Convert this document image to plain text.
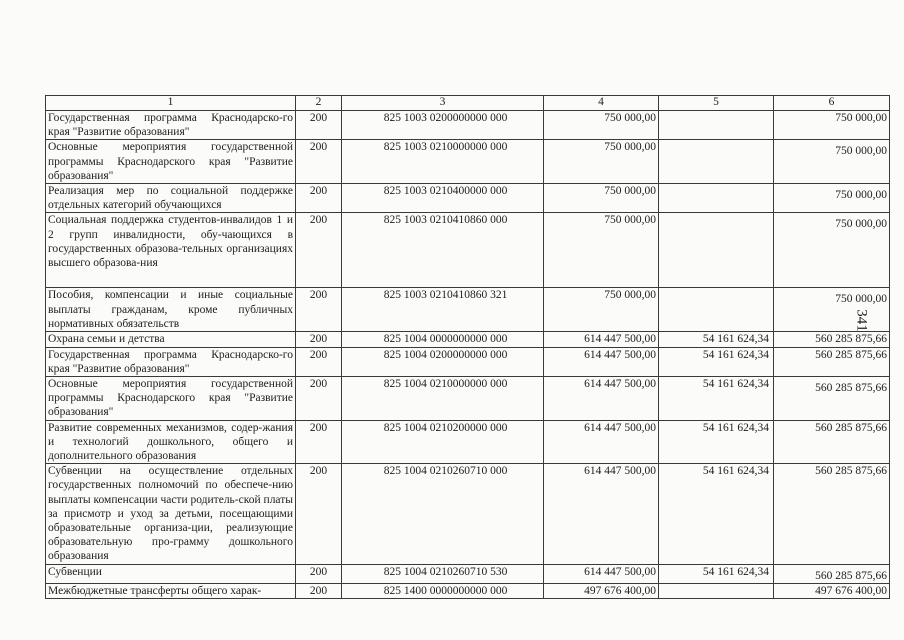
1	2	3	4	5	6
Государственная программа Краснодарско-го края "Развитие образования"	200	825 1003 0200000000 000	750 000,00		750 000,00
Основные мероприятия государственной программы Краснодарского края "Развитие образования"	200	825 1003 0210000000 000	750 000,00		750 000,00
Реализация мер по социальной поддержке отдельных категорий обучающихся	200	825 1003 0210400000 000	750 000,00		750 000,00
Социальная поддержка студентов-инвалидов 1 и 2 групп инвалидности, обу-чающихся в государственных образова-тельных организациях высшего образова-ния	200	825 1003 0210410860 000	750 000,00		750 000,00
Пособия, компенсации и иные социальные выплаты гражданам, кроме публичных нормативных обязательств	200	825 1003 0210410860 321	750 000,00		750 000,00
Охрана семьи и детства	200	825 1004 0000000000 000	614 447 500,00	54 161 624,34	560 285 875,66
Государственная программа Краснодарско-го края "Развитие образования"	200	825 1004 0200000000 000	614 447 500,00	54 161 624,34	560 285 875,66
Основные мероприятия государственной программы Краснодарского края "Развитие образования"	200	825 1004 0210000000 000	614 447 500,00	54 161 624,34	560 285 875,66
Развитие современных механизмов, содер-жания и технологий дошкольного, общего и дополнительного образования	200	825 1004 0210200000 000	614 447 500,00	54 161 624,34	560 285 875,66
Субвенции на осуществление отдельных государственных полномочий по обеспече-нию выплаты компенсации части родитель-ской платы за присмотр и уход за детьми, посещающими образовательные организа-ции, реализующие образовательную про-грамму дошкольного образования	200	825 1004 0210260710 000	614 447 500,00	54 161 624,34	560 285 875,66
Субвенции	200	825 1004 0210260710 530	614 447 500,00	54 161 624,34	560 285 875,66
Межбюджетные трансферты общего харак-	200	825 1400 0000000000 000	497 676 400,00		497 676 400,00
341
